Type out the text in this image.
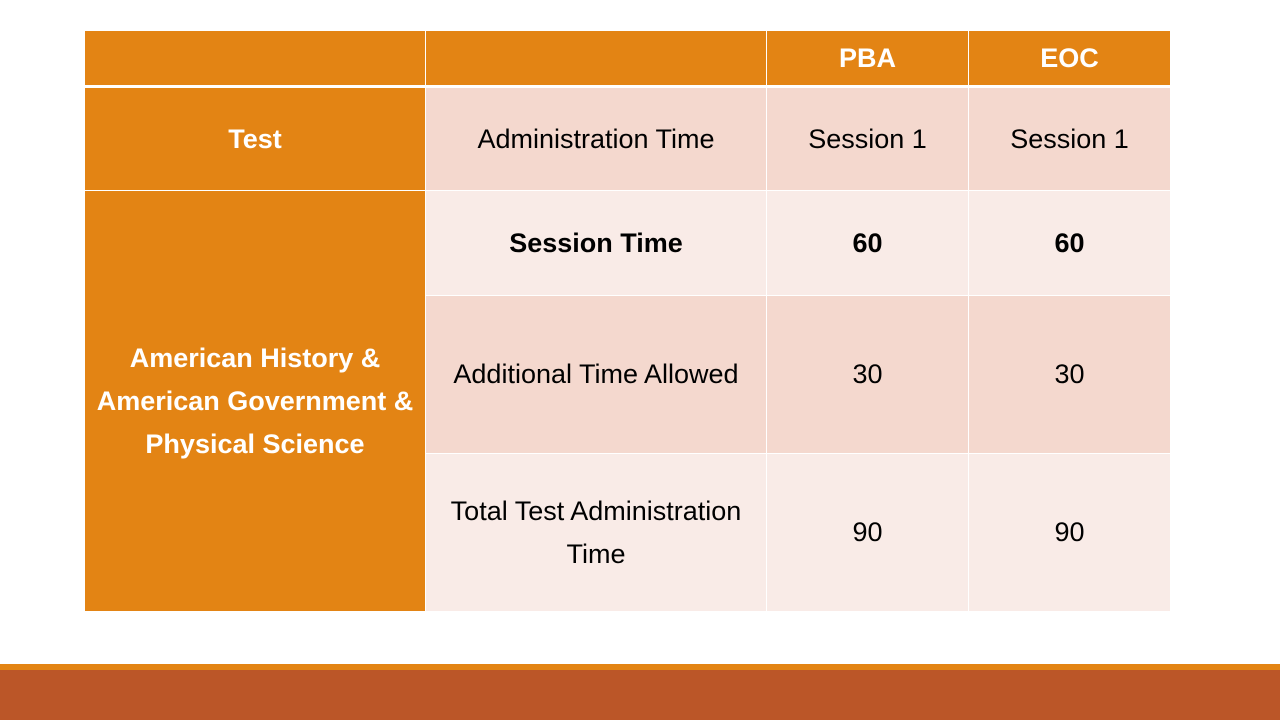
		PBA	EOC
Test	Administration Time	Session 1	Session 1
American History & American Government & Physical Science	Session Time	60	60
	Additional Time Allowed	30	30
	Total Test Administration Time	90	90
